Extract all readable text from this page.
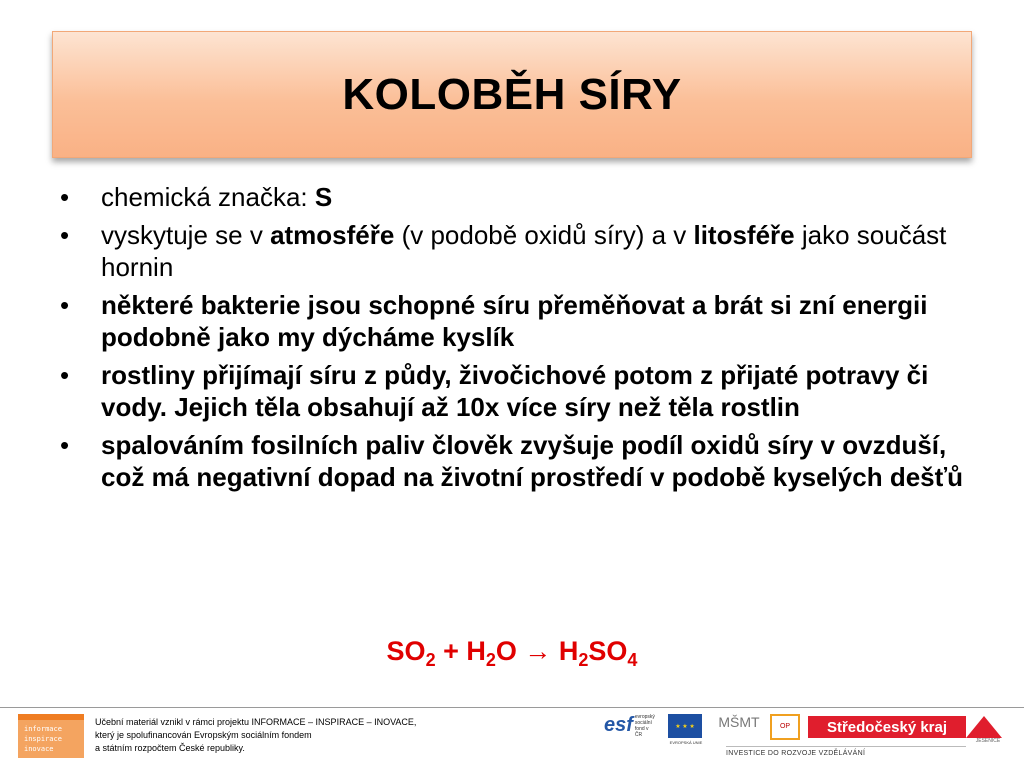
KOLOBĚH SÍRY
• chemická značka: S
• vyskytuje se v atmosféře (v podobě oxidů síry) a v litosféře jako součást hornin
• některé bakterie jsou schopné síru přeměňovat a brát si zní energii podobně jako my dýcháme kyslík
• rostliny přijímají síru z půdy, živočichové potom z přijaté potravy či vody. Jejich těla obsahují až 10x více síry než těla rostlin
• spalováním fosilních paliv člověk zvyšuje podíl oxidů síry v ovzduší, což má negativní dopad na životní prostředí v podobě kyselých dešťů
$SO_2 + H_2O \to H_2SO_4$
informace
inspirace
inovace
Učební materiál vznikl v rámci projektu INFORMACE – INSPIRACE – INOVACE,
který je spolufinancován Evropským sociálním fondem
a státním rozpočtem České republiky.
esf evropský sociální fond v ČR
★ ★ ★
EVROPSKÁ UNIE
MŠMT	OP	Středočeský kraj
JESENICE
INVESTICE DO ROZVOJE VZDĚLÁVÁNÍ
